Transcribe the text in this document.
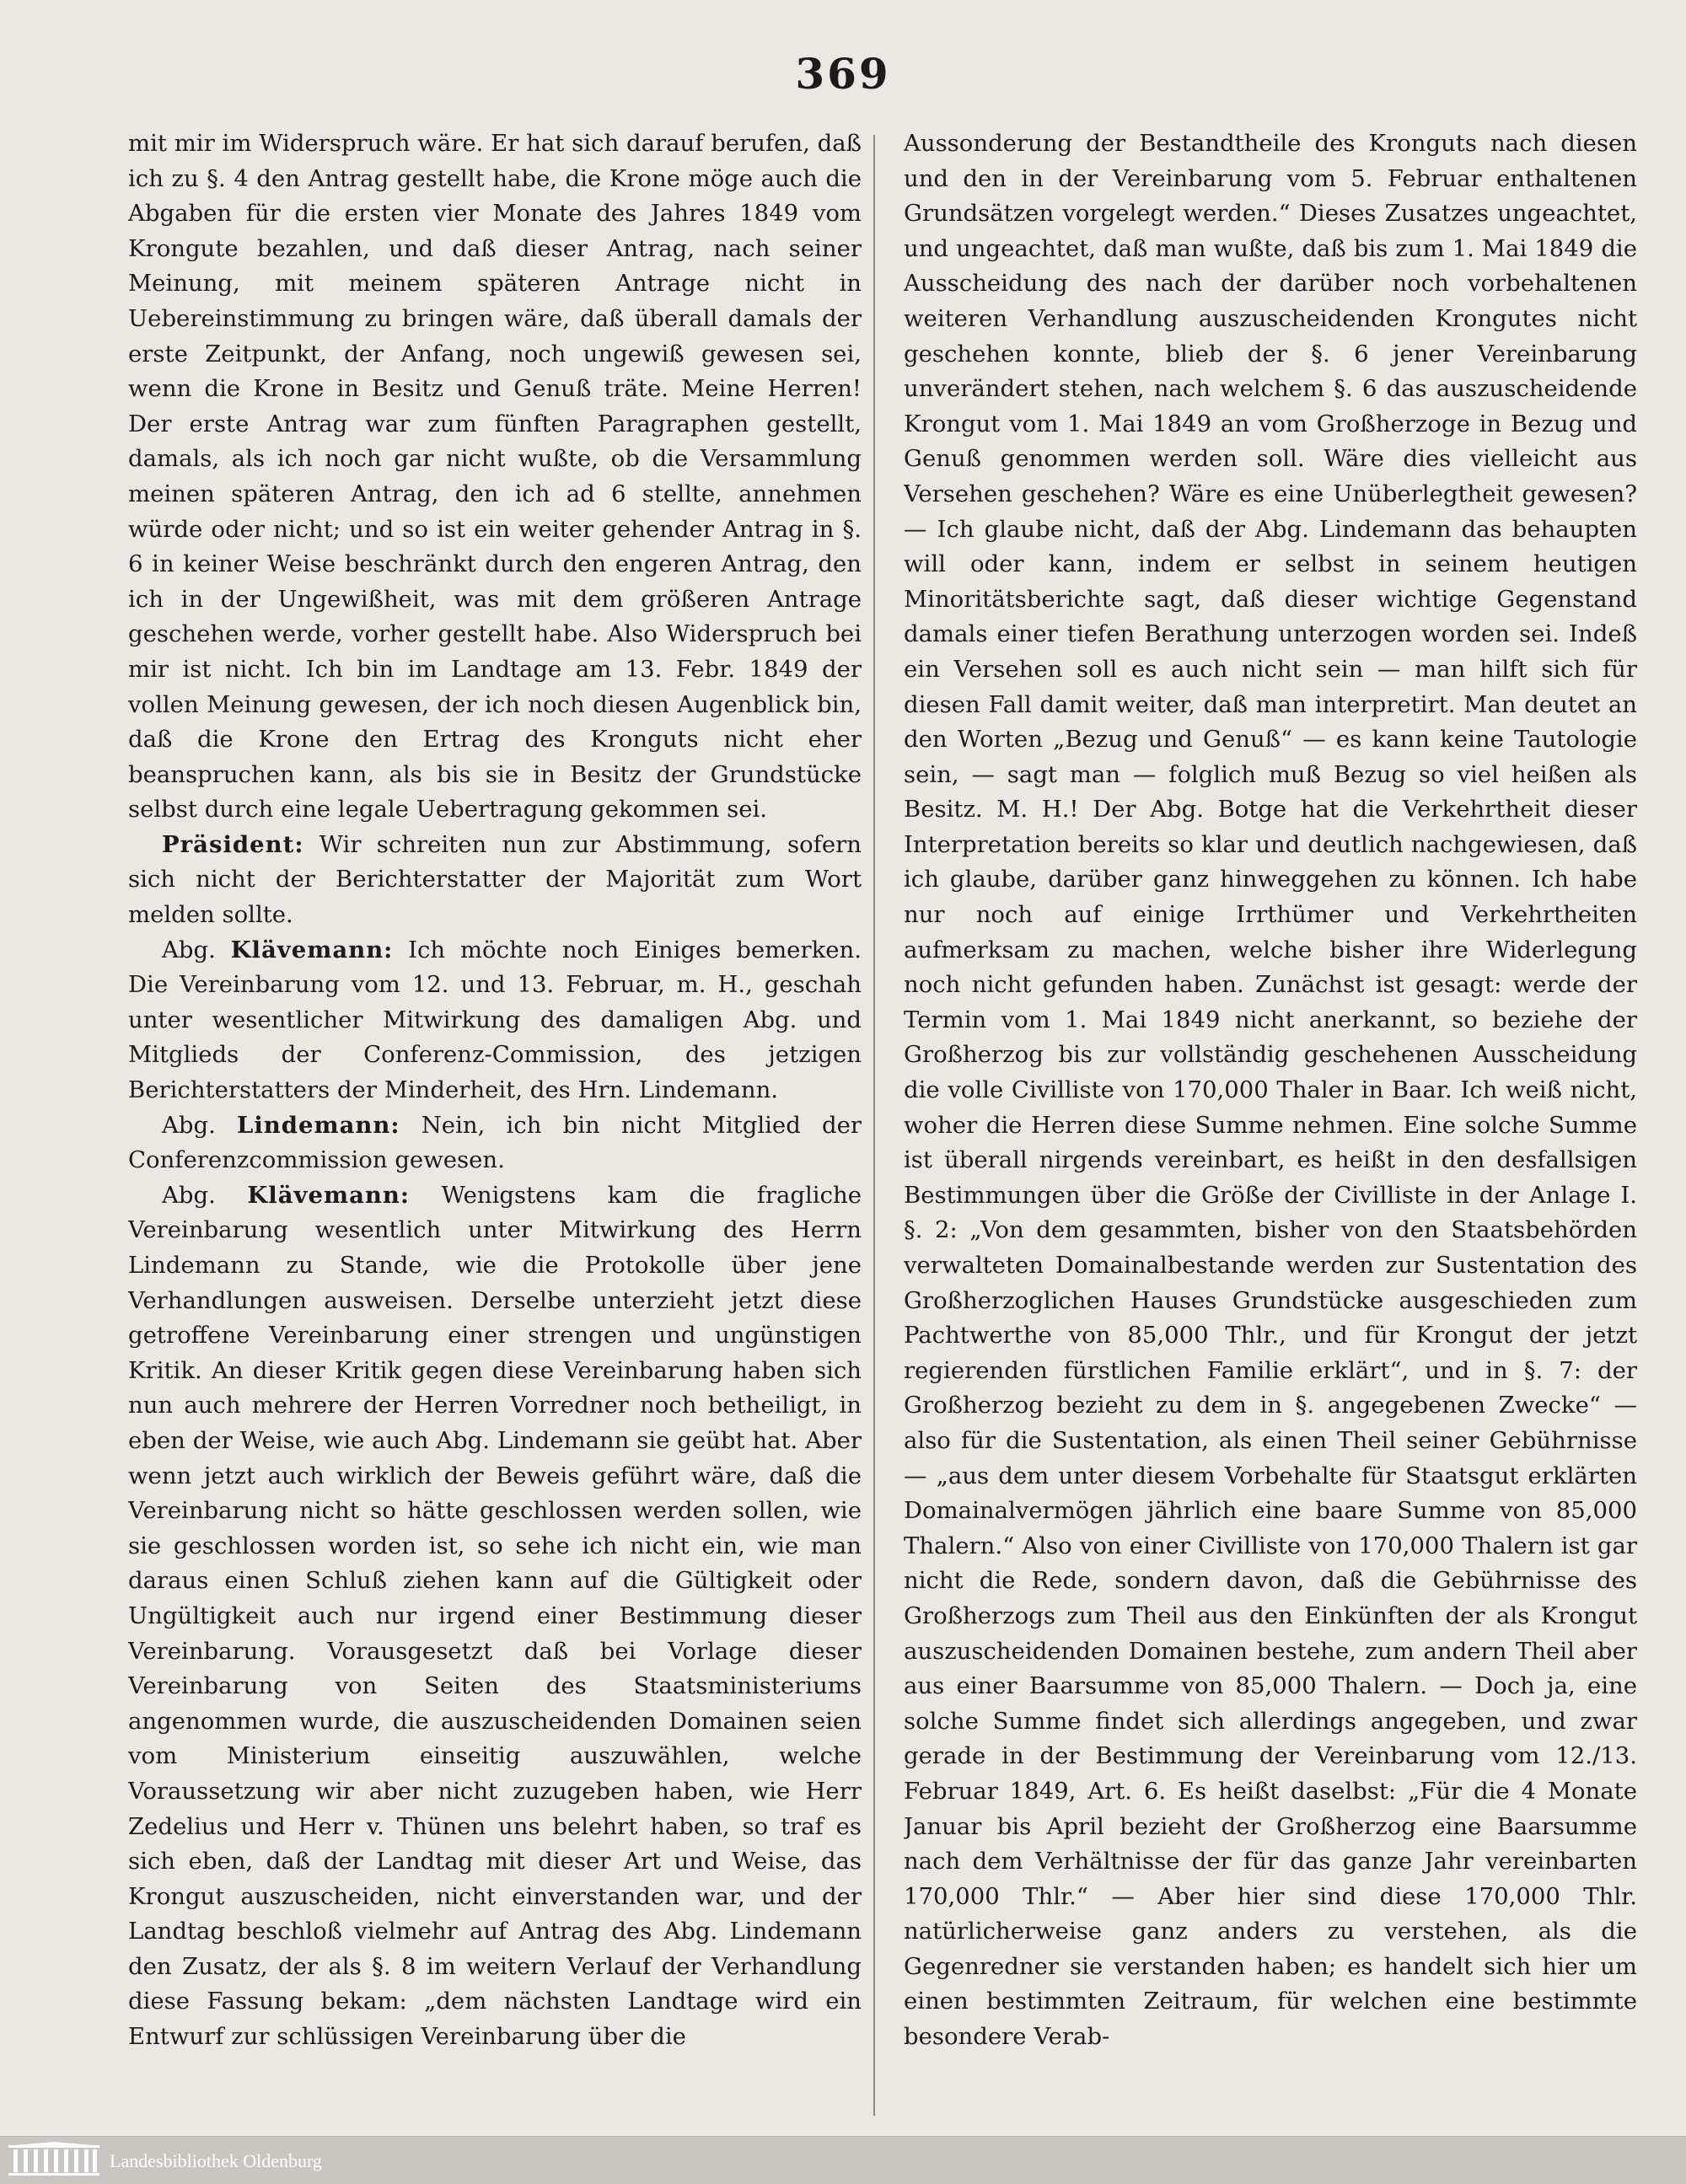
369

mit mir im Widerspruch wäre. Er hat sich darauf berufen, daß ich zu §. 4 den Antrag gestellt habe, die Krone möge auch die Abgaben für die ersten vier Monate des Jahres 1849 vom Krongute bezahlen, und daß dieser Antrag, nach seiner Meinung, mit meinem späteren Antrage nicht in Uebereinstimmung zu bringen wäre, daß überall damals der erste Zeitpunkt, der Anfang, noch ungewiß gewesen sei, wenn die Krone in Besitz und Genuß träte. Meine Herren! Der erste Antrag war zum fünften Paragraphen gestellt, damals, als ich noch gar nicht wußte, ob die Versammlung meinen späteren Antrag, den ich ad 6 stellte, annehmen würde oder nicht; und so ist ein weiter gehender Antrag in §. 6 in keiner Weise beschränkt durch den engeren Antrag, den ich in der Ungewißheit, was mit dem größeren Antrage geschehen werde, vorher gestellt habe. Also Widerspruch bei mir ist nicht. Ich bin im Landtage am 13. Febr. 1849 der vollen Meinung gewesen, der ich noch diesen Augenblick bin, daß die Krone den Ertrag des Kronguts nicht eher beanspruchen kann, als bis sie in Besitz der Grundstücke selbst durch eine legale Uebertragung gekommen sei.

Präsident: Wir schreiten nun zur Abstimmung, sofern sich nicht der Berichterstatter der Majorität zum Wort melden sollte.

Abg. Klävemann: Ich möchte noch Einiges bemerken. Die Vereinbarung vom 12. und 13. Februar, m. H., geschah unter wesentlicher Mitwirkung des damaligen Abg. und Mitglieds der Conferenz-Commission, des jetzigen Berichterstatters der Minderheit, des Hrn. Lindemann.

Abg. Lindemann: Nein, ich bin nicht Mitglied der Conferenzcommission gewesen.

Abg. Klävemann: Wenigstens kam die fragliche Vereinbarung wesentlich unter Mitwirkung des Herrn Lindemann zu Stande, wie die Protokolle über jene Verhandlungen ausweisen. Derselbe unterzieht jetzt diese getroffene Vereinbarung einer strengen und ungünstigen Kritik. An dieser Kritik gegen diese Vereinbarung haben sich nun auch mehrere der Herren Vorredner noch betheiligt, in eben der Weise, wie auch Abg. Lindemann sie geübt hat. Aber wenn jetzt auch wirklich der Beweis geführt wäre, daß die Vereinbarung nicht so hätte geschlossen werden sollen, wie sie geschlossen worden ist, so sehe ich nicht ein, wie man daraus einen Schluß ziehen kann auf die Gültigkeit oder Ungültigkeit auch nur irgend einer Bestimmung dieser Vereinbarung. Vorausgesetzt daß bei Vorlage dieser Vereinbarung von Seiten des Staatsministeriums angenommen wurde, die auszuscheidenden Domainen seien vom Ministerium einseitig auszuwählen, welche Voraussetzung wir aber nicht zuzugeben haben, wie Herr Zedelius und Herr v. Thünen uns belehrt haben, so traf es sich eben, daß der Landtag mit dieser Art und Weise, das Krongut auszuscheiden, nicht einverstanden war, und der Landtag beschloß vielmehr auf Antrag des Abg. Lindemann den Zusatz, der als §. 8 im weitern Verlauf der Verhandlung diese Fassung bekam: „dem nächsten Landtage wird ein Entwurf zur schlüssigen Vereinbarung über die

Aussonderung der Bestandtheile des Kronguts nach diesen und den in der Vereinbarung vom 5. Februar enthaltenen Grundsätzen vorgelegt werden.“ Dieses Zusatzes ungeachtet, und ungeachtet, daß man wußte, daß bis zum 1. Mai 1849 die Ausscheidung des nach der darüber noch vorbehaltenen weiteren Verhandlung auszuscheidenden Krongutes nicht geschehen konnte, blieb der §. 6 jener Vereinbarung unverändert stehen, nach welchem §. 6 das auszuscheidende Krongut vom 1. Mai 1849 an vom Großherzoge in Bezug und Genuß genommen werden soll. Wäre dies vielleicht aus Versehen geschehen? Wäre es eine Unüberlegtheit gewesen? — Ich glaube nicht, daß der Abg. Lindemann das behaupten will oder kann, indem er selbst in seinem heutigen Minoritätsberichte sagt, daß dieser wichtige Gegenstand damals einer tiefen Berathung unterzogen worden sei. Indeß ein Versehen soll es auch nicht sein — man hilft sich für diesen Fall damit weiter, daß man interpretirt. Man deutet an den Worten „Bezug und Genuß“ — es kann keine Tautologie sein, — sagt man — folglich muß Bezug so viel heißen als Besitz. M. H.! Der Abg. Botge hat die Verkehrtheit dieser Interpretation bereits so klar und deutlich nachgewiesen, daß ich glaube, darüber ganz hinweggehen zu können. Ich habe nur noch auf einige Irrthümer und Verkehrtheiten aufmerksam zu machen, welche bisher ihre Widerlegung noch nicht gefunden haben. Zunächst ist gesagt: werde der Termin vom 1. Mai 1849 nicht anerkannt, so beziehe der Großherzog bis zur vollständig geschehenen Ausscheidung die volle Civilliste von 170,000 Thaler in Baar. Ich weiß nicht, woher die Herren diese Summe nehmen. Eine solche Summe ist überall nirgends vereinbart, es heißt in den desfallsigen Bestimmungen über die Größe der Civilliste in der Anlage I. §. 2: „Von dem gesammten, bisher von den Staatsbehörden verwalteten Domainalbestande werden zur Sustentation des Großherzoglichen Hauses Grundstücke ausgeschieden zum Pachtwerthe von 85,000 Thlr., und für Krongut der jetzt regierenden fürstlichen Familie erklärt“, und in §. 7: der Großherzog bezieht zu dem in §. angegebenen Zwecke“ — also für die Sustentation, als einen Theil seiner Gebührnisse — „aus dem unter diesem Vorbehalte für Staatsgut erklärten Domainalvermögen jährlich eine baare Summe von 85,000 Thalern.“ Also von einer Civilliste von 170,000 Thalern ist gar nicht die Rede, sondern davon, daß die Gebührnisse des Großherzogs zum Theil aus den Einkünften der als Krongut auszuscheidenden Domainen bestehe, zum andern Theil aber aus einer Baarsumme von 85,000 Thalern. — Doch ja, eine solche Summe findet sich allerdings angegeben, und zwar gerade in der Bestimmung der Vereinbarung vom 12./13. Februar 1849, Art. 6. Es heißt daselbst: „Für die 4 Monate Januar bis April bezieht der Großherzog eine Baarsumme nach dem Verhältnisse der für das ganze Jahr vereinbarten 170,000 Thlr.“ — Aber hier sind diese 170,000 Thlr. natürlicherweise ganz anders zu verstehen, als die Gegenredner sie verstanden haben; es handelt sich hier um einen bestimmten Zeitraum, für welchen eine bestimmte besondere Verab-

Landesbibliothek Oldenburg
